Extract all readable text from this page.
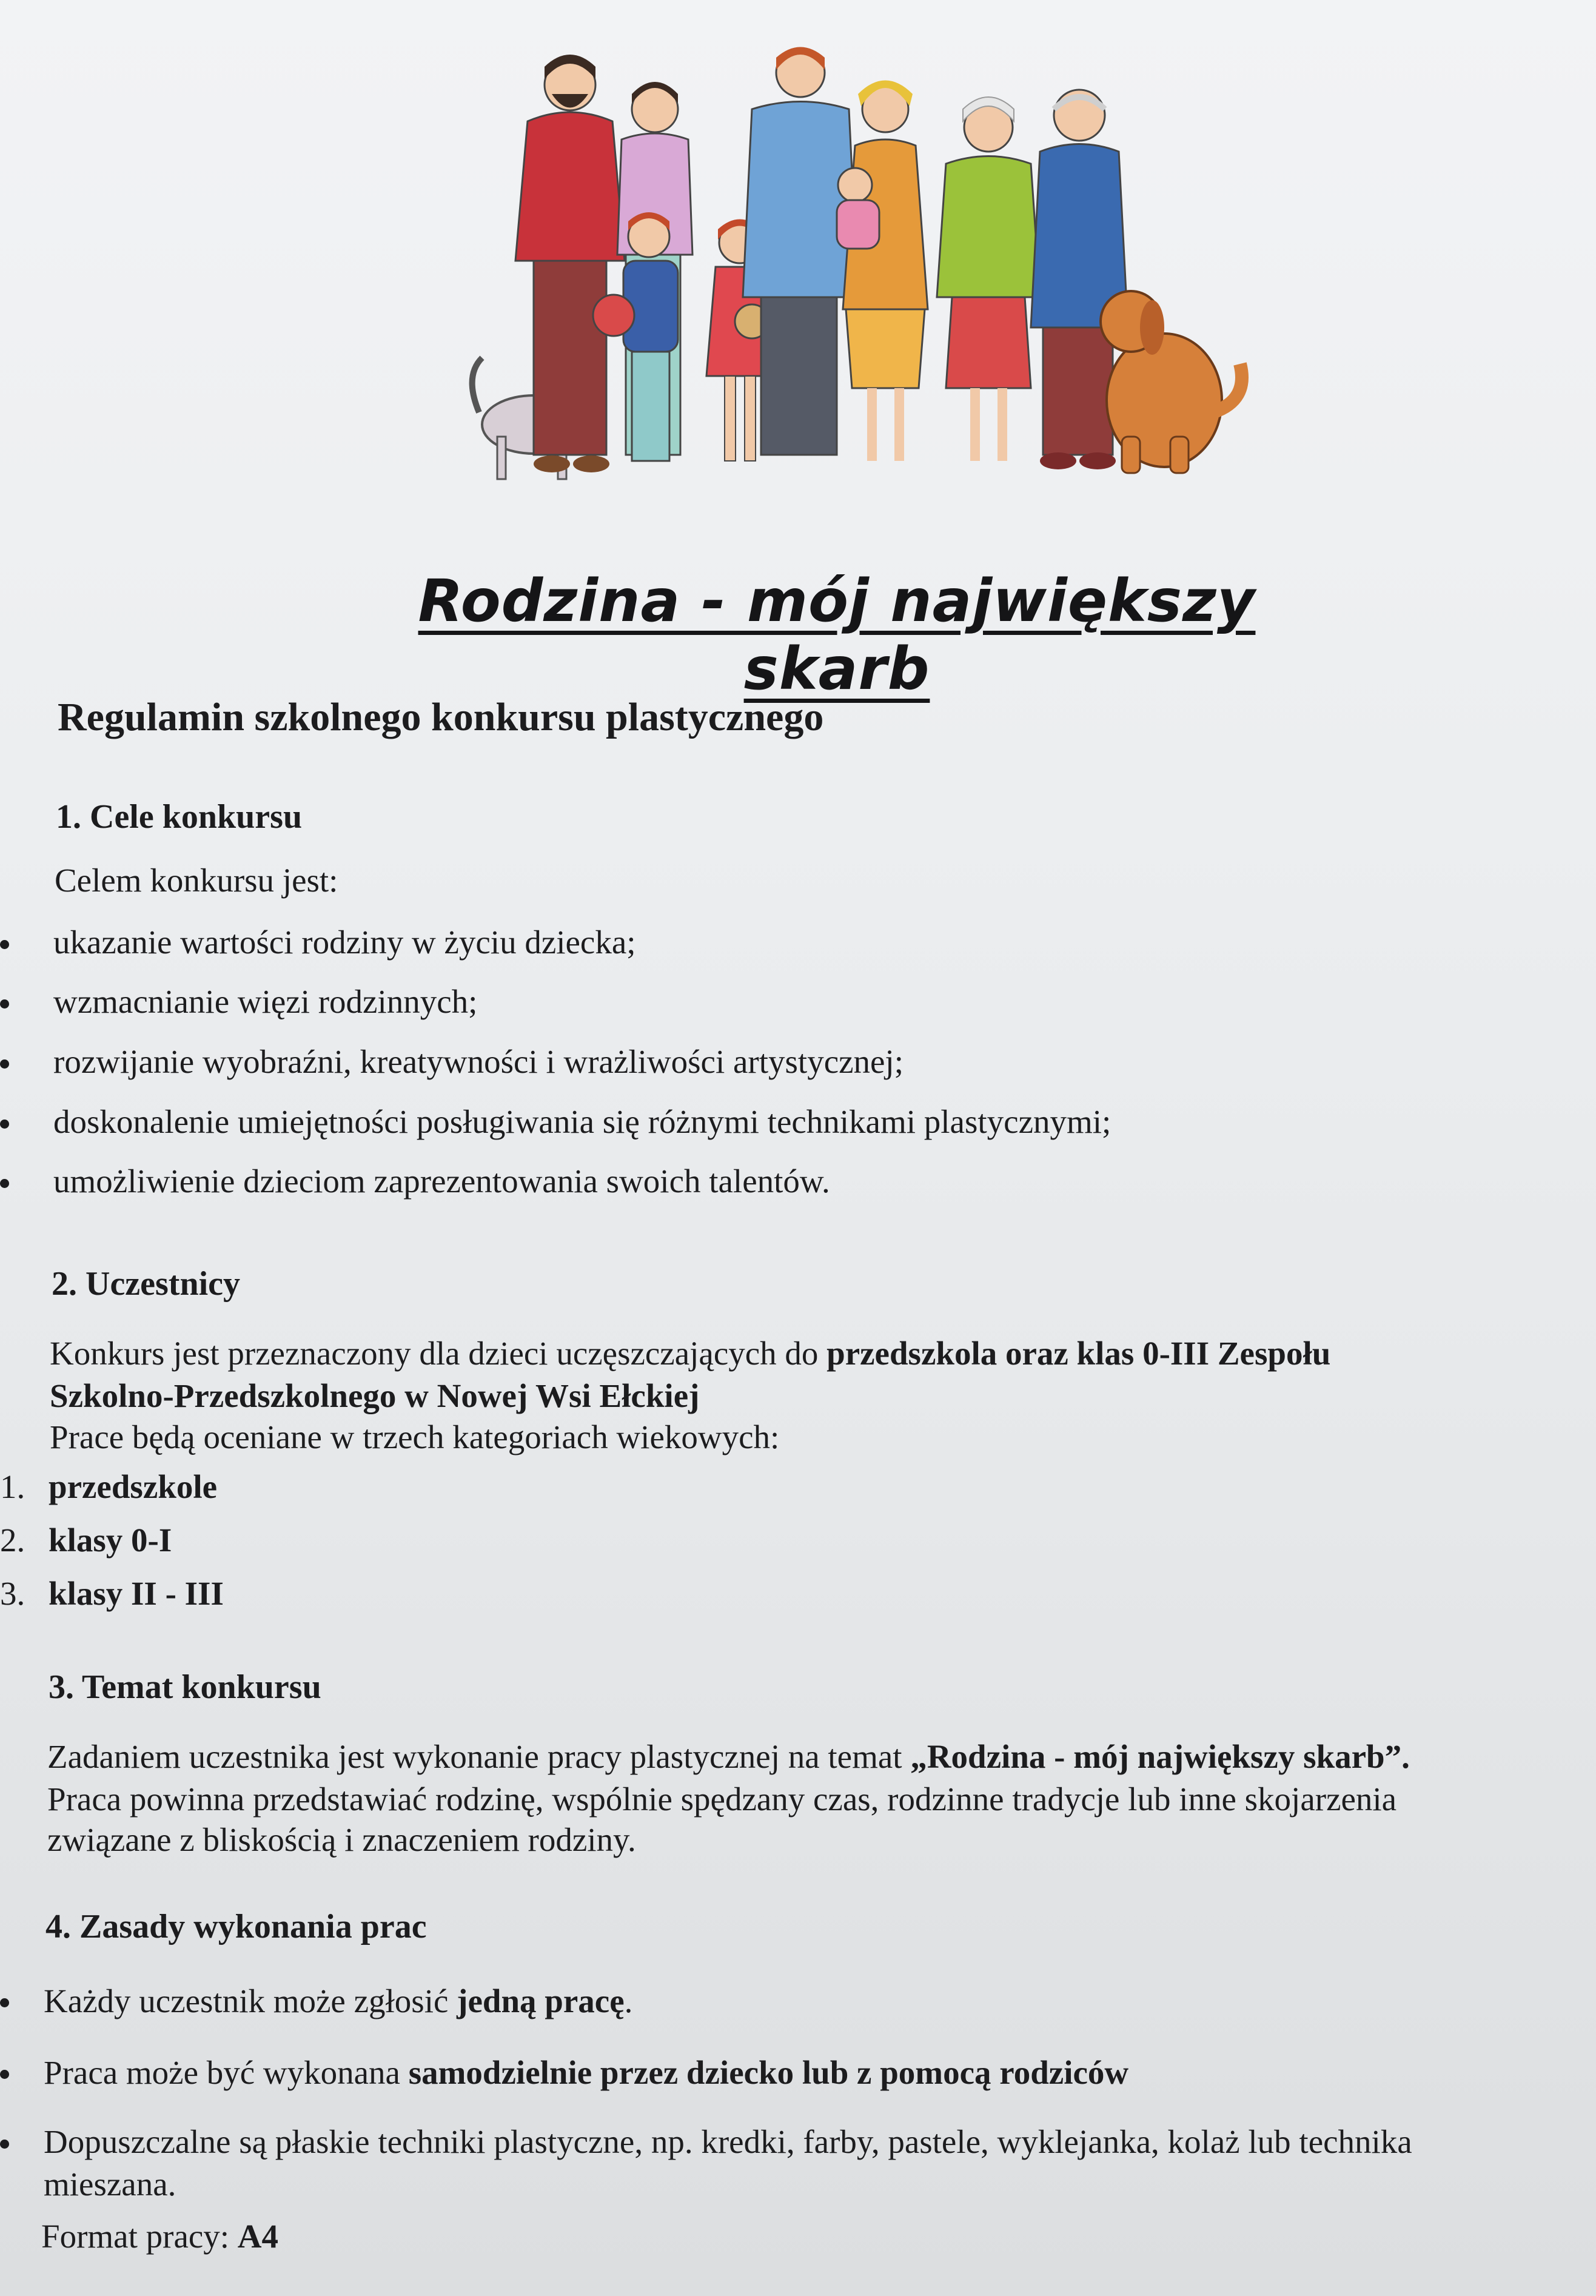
Rodzina - mój największy skarb
Regulamin szkolnego konkursu plastycznego
1. Cele konkursu
Celem konkursu jest:
ukazanie wartości rodziny w życiu dziecka;
wzmacnianie więzi rodzinnych;
rozwijanie wyobraźni, kreatywności i wrażliwości artystycznej;
doskonalenie umiejętności posługiwania się różnymi technikami plastycznymi;
umożliwienie dzieciom zaprezentowania swoich talentów.
2. Uczestnicy
Konkurs jest przeznaczony dla dzieci uczęszczających do przedszkola oraz klas 0-III Zespołu
Szkolno-Przedszkolnego w Nowej Wsi Ełckiej
Prace będą oceniane w trzech kategoriach wiekowych:
1. przedszkole
2. klasy 0-I
3. klasy II - III
3. Temat konkursu
Zadaniem uczestnika jest wykonanie pracy plastycznej na temat „Rodzina - mój największy skarb”.
Praca powinna przedstawiać rodzinę, wspólnie spędzany czas, rodzinne tradycje lub inne skojarzenia
związane z bliskością i znaczeniem rodziny.
4. Zasady wykonania prac
Każdy uczestnik może zgłosić jedną pracę.
Praca może być wykonana samodzielnie przez dziecko lub z pomocą rodziców
Dopuszczalne są płaskie techniki plastyczne, np. kredki, farby, pastele, wyklejanka, kolaż lub technika
mieszana.
Format pracy: A4
